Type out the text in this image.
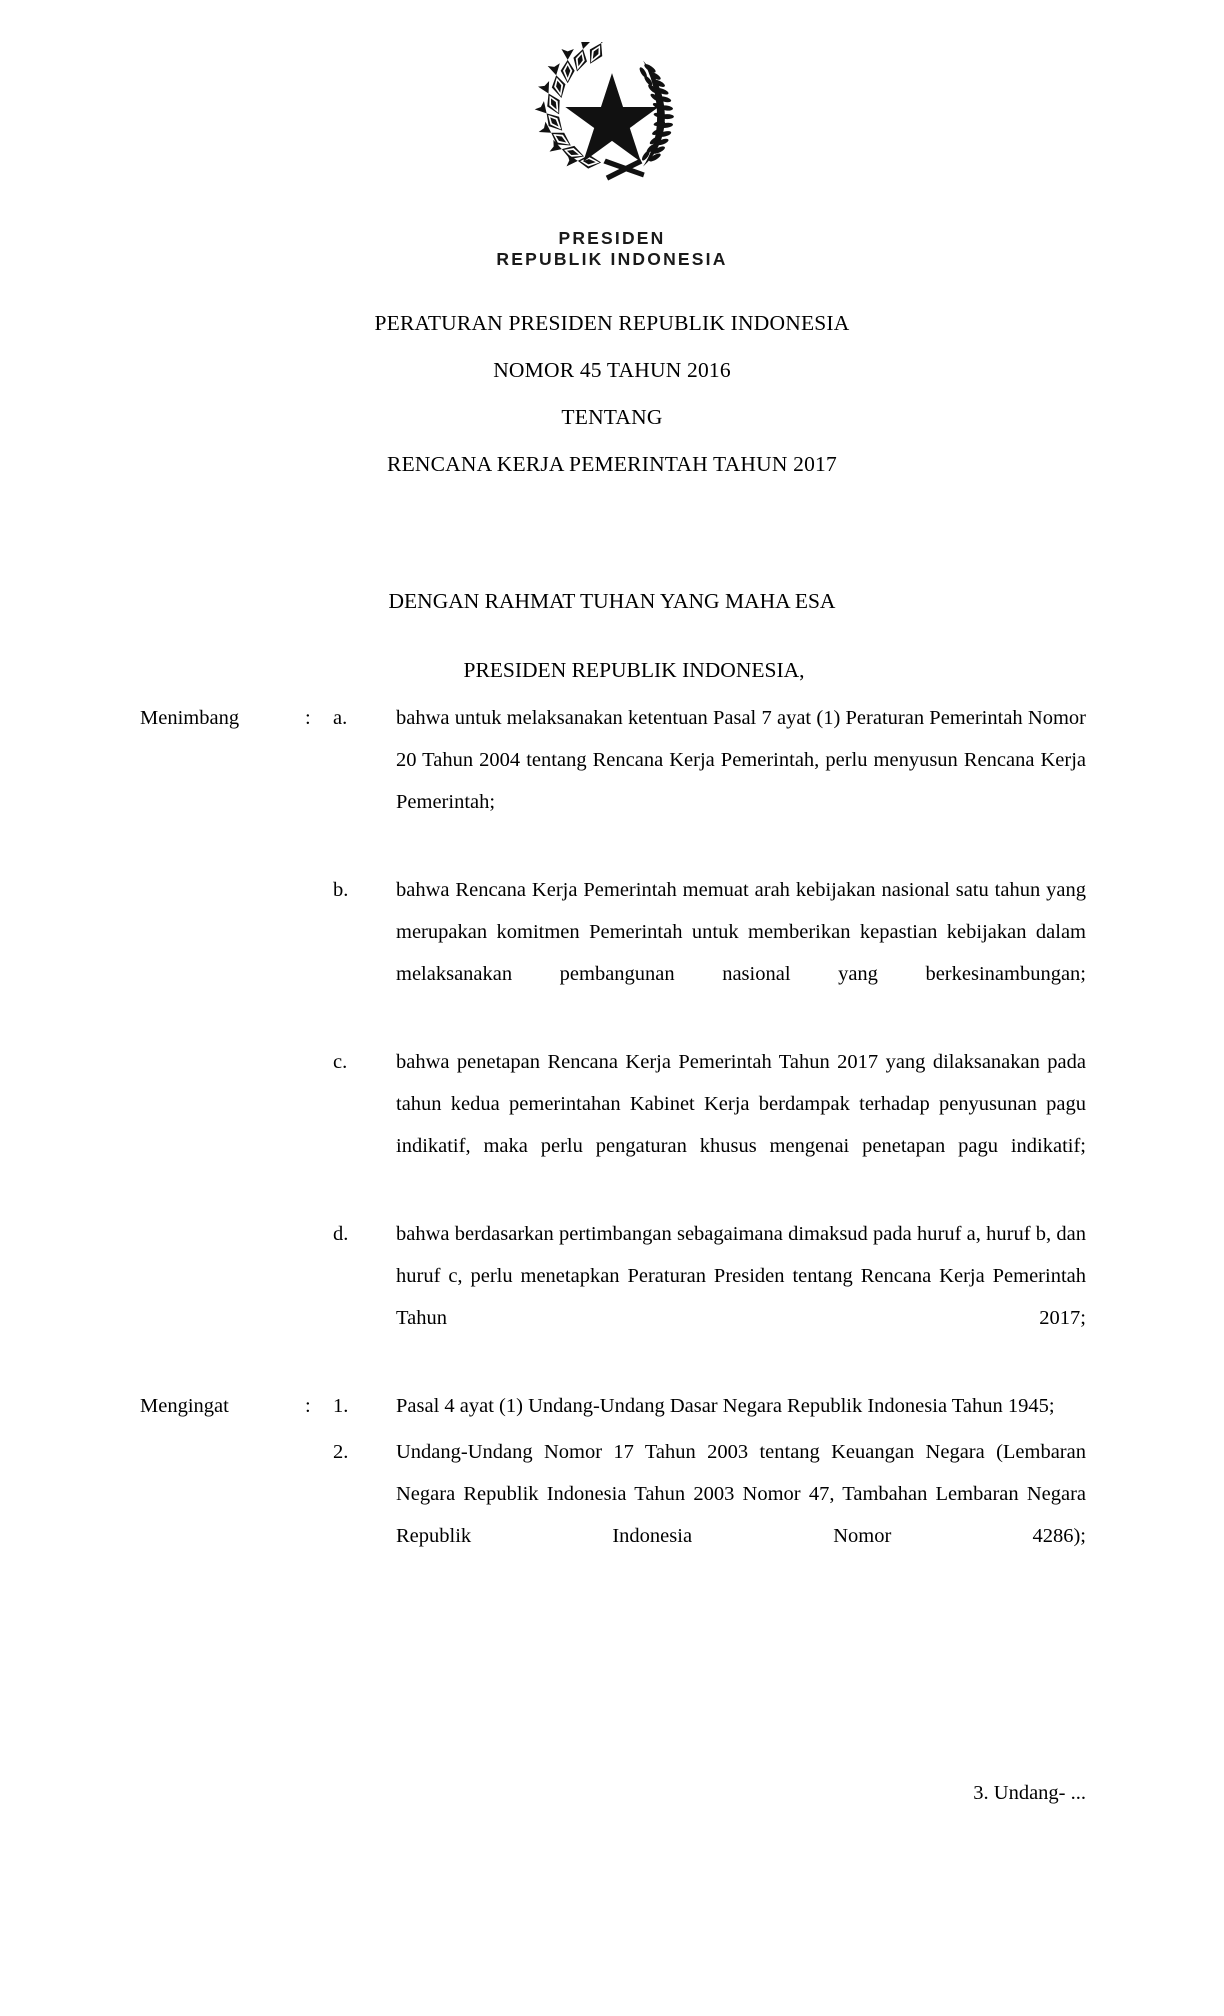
PRESIDEN
REPUBLIK INDONESIA
PERATURAN PRESIDEN REPUBLIK INDONESIA
NOMOR 45 TAHUN 2016
TENTANG
RENCANA KERJA PEMERINTAH TAHUN 2017
DENGAN RAHMAT TUHAN YANG MAHA ESA
PRESIDEN REPUBLIK INDONESIA,
Menimbang	: a.	bahwa untuk melaksanakan ketentuan Pasal 7 ayat (1) Peraturan Pemerintah Nomor 20 Tahun 2004 tentang Rencana Kerja Pemerintah, perlu menyusun Rencana Kerja Pemerintah;
b.	bahwa Rencana Kerja Pemerintah memuat arah kebijakan nasional satu tahun yang merupakan komitmen Pemerintah untuk memberikan kepastian kebijakan dalam melaksanakan pembangunan nasional yang berkesinambungan;
c.	bahwa penetapan Rencana Kerja Pemerintah Tahun 2017 yang dilaksanakan pada tahun kedua pemerintahan Kabinet Kerja berdampak terhadap penyusunan pagu indikatif, maka perlu pengaturan khusus mengenai penetapan pagu indikatif;
d.	bahwa berdasarkan pertimbangan sebagaimana dimaksud pada huruf a, huruf b, dan huruf c, perlu menetapkan Peraturan Presiden tentang Rencana Kerja Pemerintah Tahun 2017;
Mengingat	: 1.	Pasal 4 ayat (1) Undang-Undang Dasar Negara Republik Indonesia Tahun 1945;
2.	Undang-Undang Nomor 17 Tahun 2003 tentang Keuangan Negara (Lembaran Negara Republik Indonesia Tahun 2003 Nomor 47, Tambahan Lembaran Negara Republik Indonesia Nomor 4286);
3. Undang- ...
